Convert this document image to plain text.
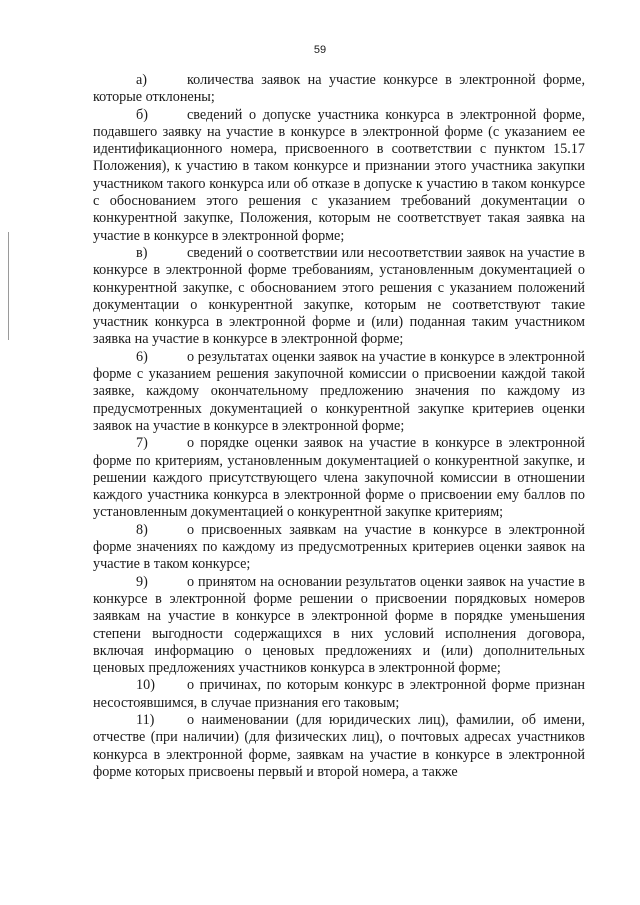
59

а)	количества заявок на участие конкурсе в электронной форме, которые отклонены;

б)	сведений о допуске участника конкурса в электронной форме, подавшего заявку на участие в конкурсе в электронной форме (с указанием ее идентификационного номера, присвоенного в соответствии с пунктом 15.17 Положения), к участию в таком конкурсе и признании этого участника закупки участником такого конкурса или об отказе в допуске к участию в таком конкурсе с обоснованием этого решения с указанием требований документации о конкурентной закупке, Положения, которым не соответствует такая заявка на участие в конкурсе в электронной форме;

в)	сведений о соответствии или несоответствии заявок на участие в конкурсе в электронной форме требованиям, установленным документацией о конкурентной закупке, с обоснованием этого решения с указанием положений документации о конкурентной закупке, которым не соответствуют такие участник конкурса в электронной форме и (или) поданная таким участником заявка на участие в конкурсе в электронной форме;

6)	о результатах оценки заявок на участие в конкурсе в электронной форме с указанием решения закупочной комиссии о присвоении каждой такой заявке, каждому окончательному предложению значения по каждому из предусмотренных документацией о конкурентной закупке критериев оценки заявок на участие в конкурсе в электронной форме;

7)	о порядке оценки заявок на участие в конкурсе в электронной форме по критериям, установленным документацией о конкурентной закупке, и решении каждого присутствующего члена закупочной комиссии в отношении каждого участника конкурса в электронной форме о присвоении ему баллов по установленным документацией о конкурентной закупке критериям;

8)	о присвоенных заявкам на участие в конкурсе в электронной форме значениях по каждому из предусмотренных критериев оценки заявок на участие в таком конкурсе;

9)	о принятом на основании результатов оценки заявок на участие в конкурсе в электронной форме решении о присвоении порядковых номеров заявкам на участие в конкурсе в электронной форме в порядке уменьшения степени выгодности содержащихся в них условий исполнения договора, включая информацию о ценовых предложениях и (или) дополнительных ценовых предложениях участников конкурса в электронной форме;

10) о причинах, по которым конкурс в электронной форме признан несостоявшимся, в случае признания его таковым;

11) о наименовании (для юридических лиц), фамилии, об имени, отчестве (при наличии) (для физических лиц), о почтовых адресах участников конкурса в электронной форме, заявкам на участие в конкурсе в электронной форме которых присвоены первый и второй номера, а также
